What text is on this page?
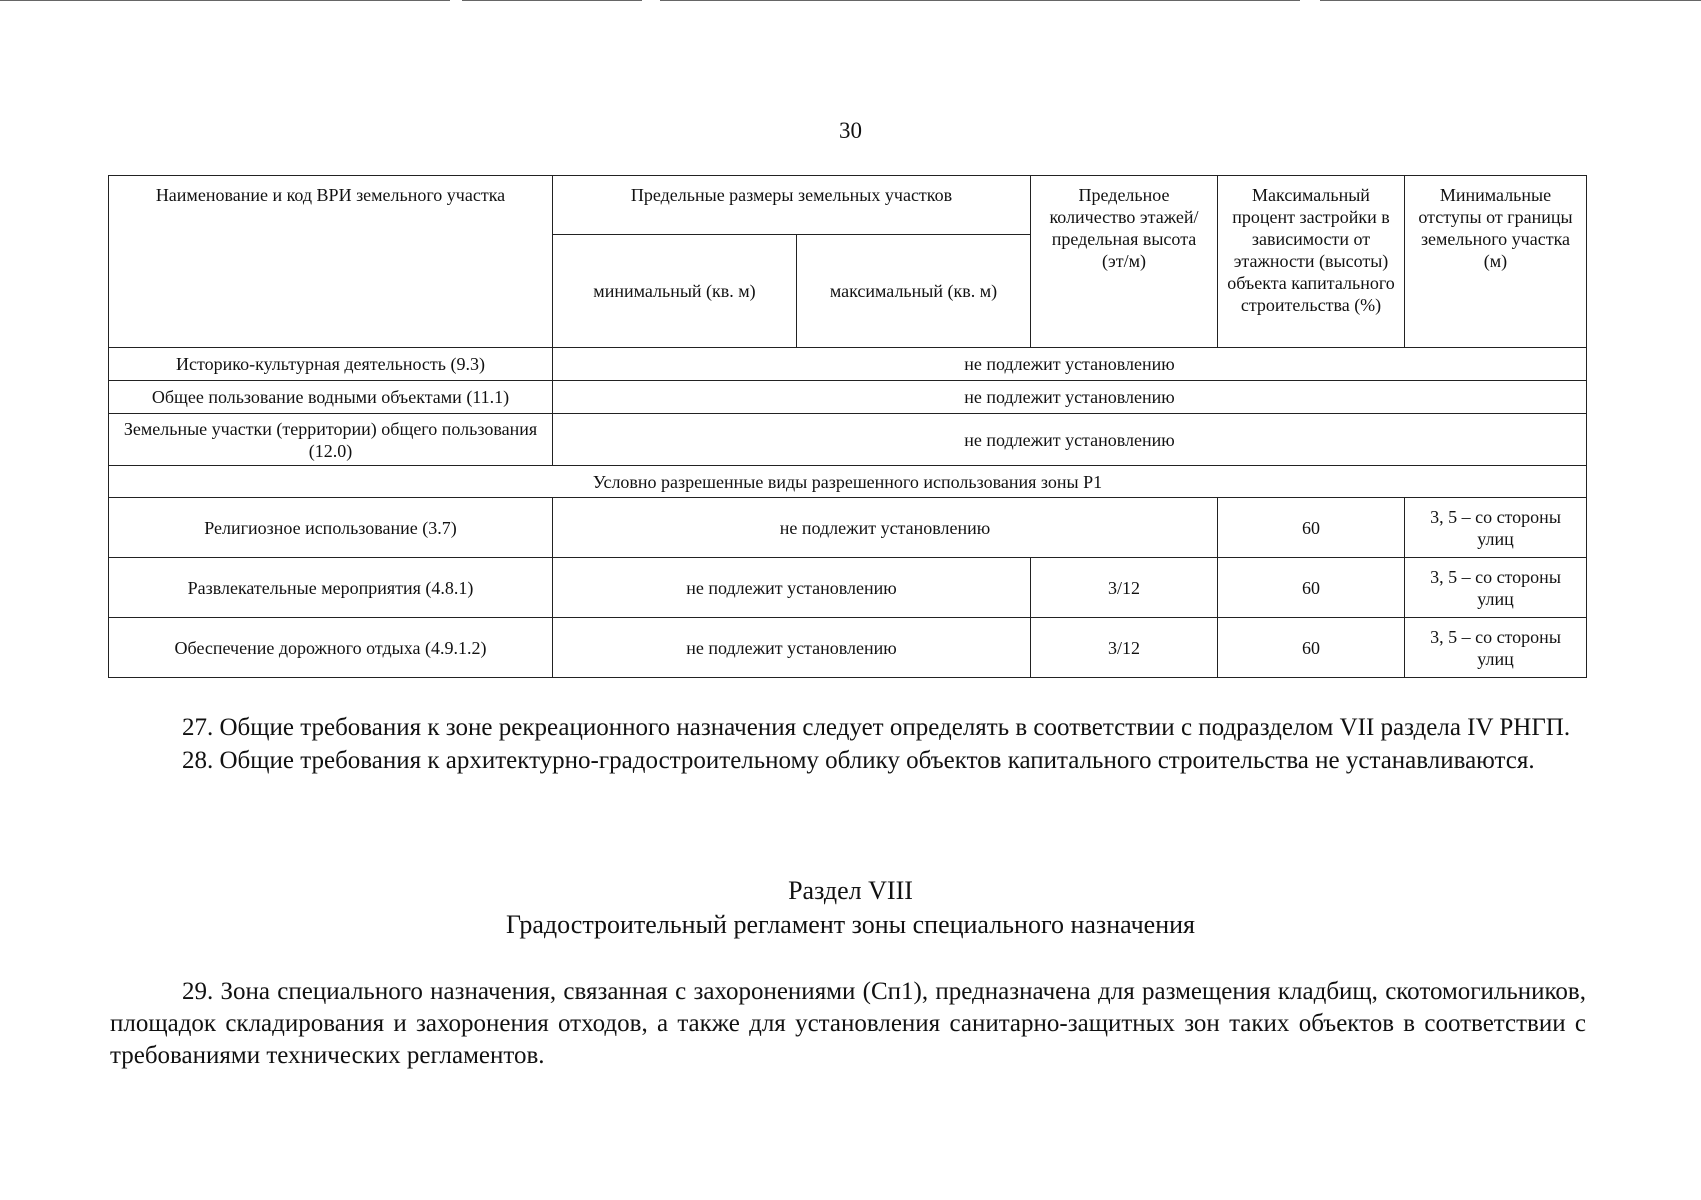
30
Наименование и код ВРИ земельного участка	Предельные размеры земельных участков		Предельное количество этажей/ предельная высота (эт/м)	Максимальный процент застройки в зависимости от этажности (высоты) объекта капитального строительства (%)	Минимальные отступы от границы земельного участка (м)
	минимальный (кв. м)	максимальный (кв. м)			
Историко-культурная деятельность (9.3)	не подлежит установлению				
Общее пользование водными объектами (11.1)	не подлежит установлению				
Земельные участки (территории) общего пользования (12.0)	не подлежит установлению				
Условно разрешенные виды разрешенного использования зоны Р1					
Религиозное использование (3.7)	не подлежит установлению			60	3, 5 – со стороны улиц
Развлекательные мероприятия (4.8.1)	не подлежит установлению		3/12	60	3, 5 – со стороны улиц
Обеспечение дорожного отдыха (4.9.1.2)	не подлежит установлению		3/12	60	3, 5 – со стороны улиц

27. Общие требования к зоне рекреационного назначения следует определять в соответствии с подразделом VII раздела IV РНГП.

28. Общие требования к архитектурно-градостроительному облику объектов капитального строительства не устанавливаются.

Раздел VIII
Градостроительный регламент зоны специального назначения

29. Зона специального назначения, связанная с захоронениями (Сп1), предназначена для размещения кладбищ, скотомогильников, площадок складирования и захоронения отходов, а также для установления санитарно-защитных зон таких объектов в соответствии с требованиями технических регламентов.
